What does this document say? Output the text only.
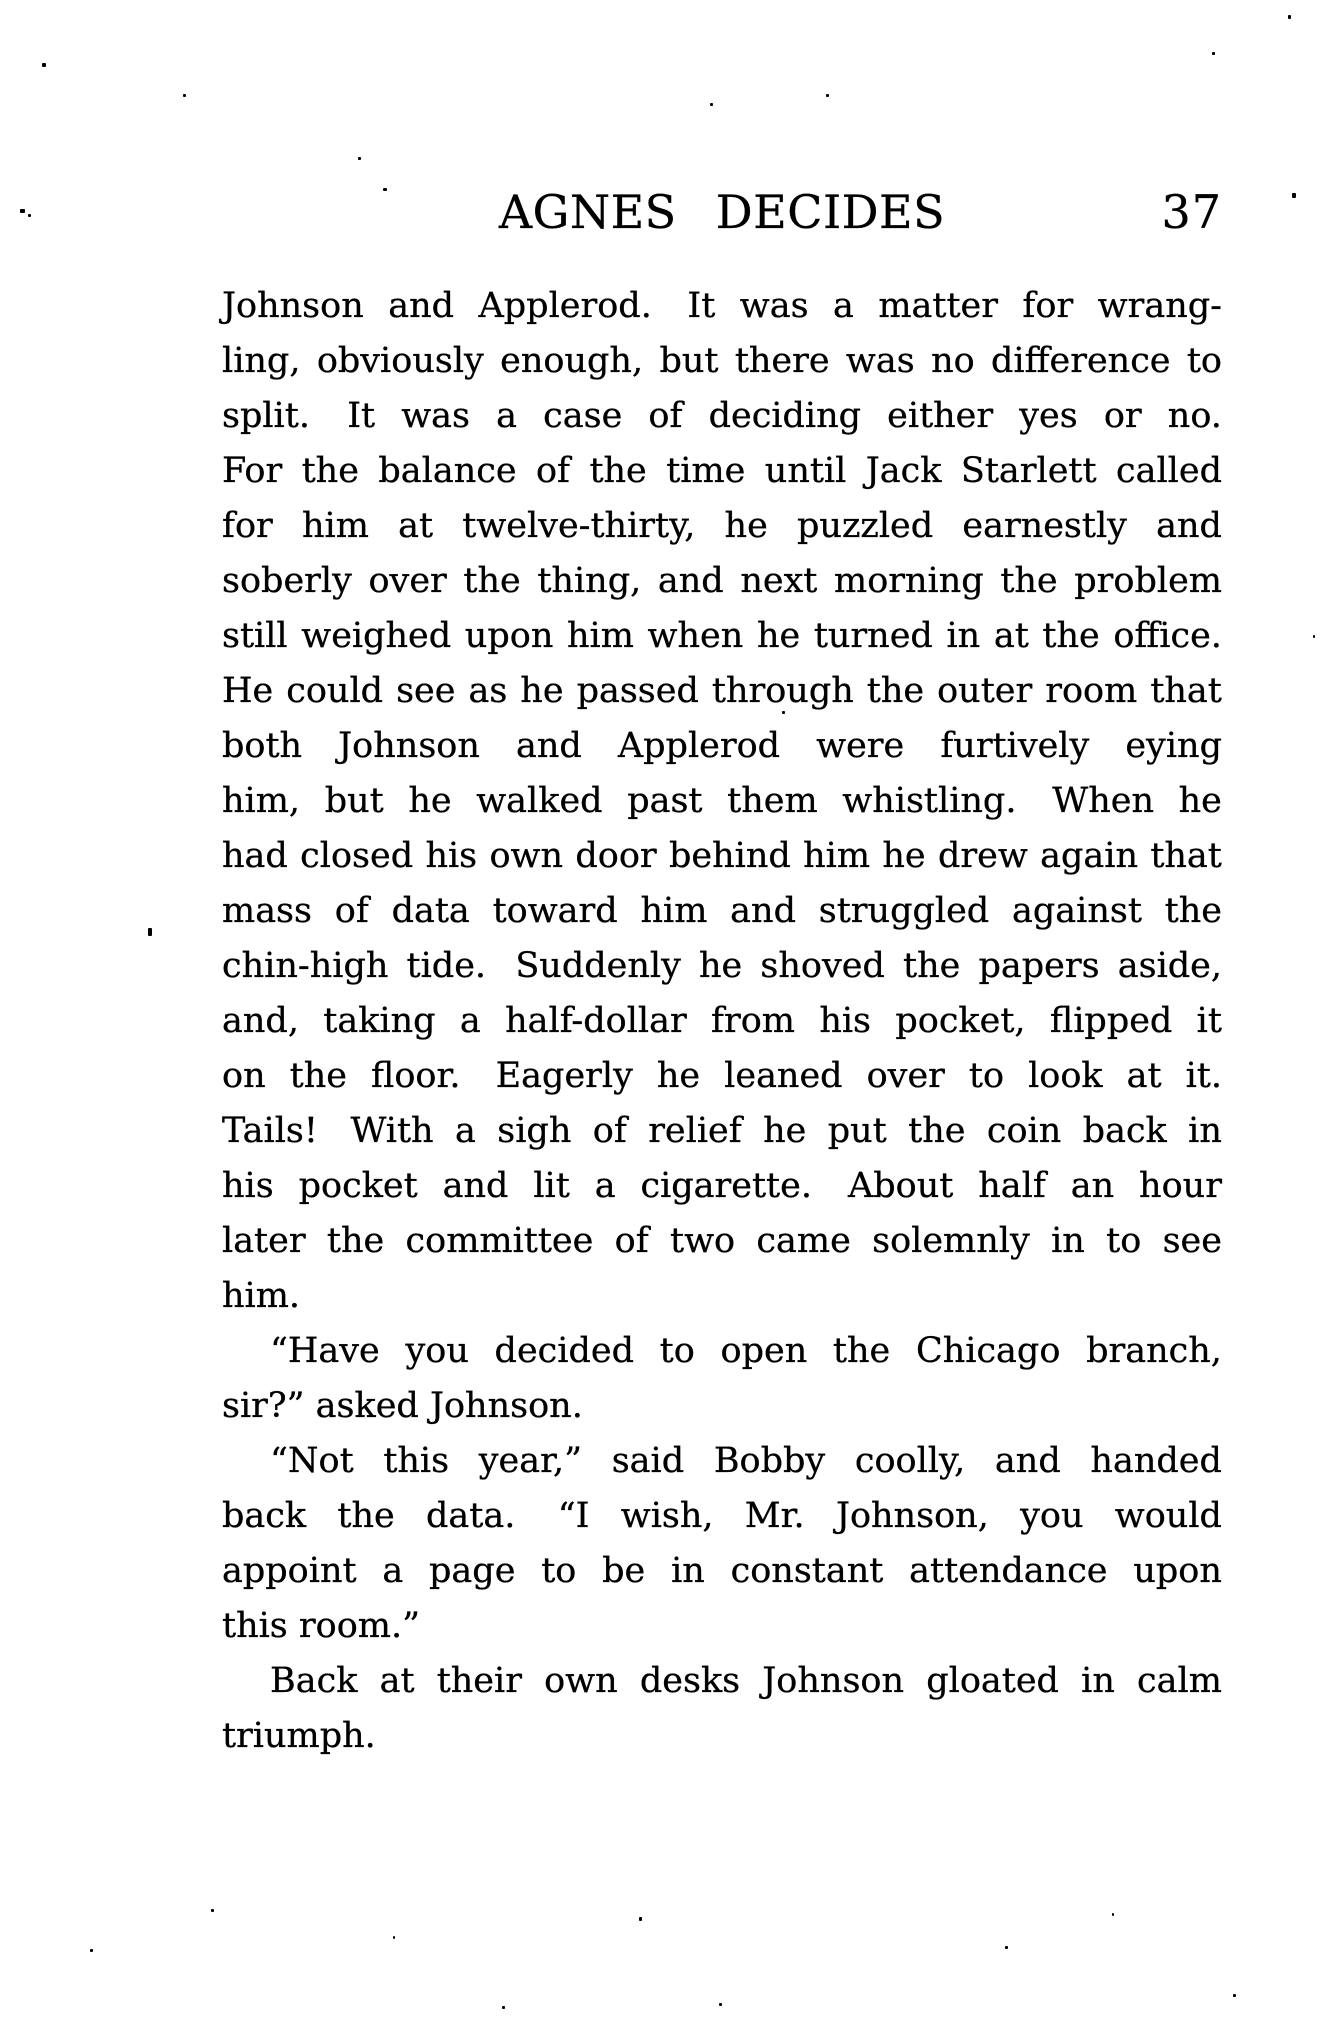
AGNES DECIDES	37
Johnson and Applerod. It was a matter for wrang-
ling, obviously enough, but there was no difference to
split. It was a case of deciding either yes or no.
For the balance of the time until Jack Starlett called
for him at twelve-thirty, he puzzled earnestly and
soberly over the thing, and next morning the problem
still weighed upon him when he turned in at the office.
He could see as he passed through the outer room that
both Johnson and Applerod were furtively eying
him, but he walked past them whistling. When he
had closed his own door behind him he drew again that
mass of data toward him and struggled against the
chin-high tide. Suddenly he shoved the papers aside,
and, taking a half-dollar from his pocket, flipped it
on the floor. Eagerly he leaned over to look at it.
Tails! With a sigh of relief he put the coin back in
his pocket and lit a cigarette. About half an hour
later the committee of two came solemnly in to see
him.
“Have you decided to open the Chicago branch,
sir?” asked Johnson.
“Not this year,” said Bobby coolly, and handed
back the data. “I wish, Mr. Johnson, you would
appoint a page to be in constant attendance upon
this room.”
Back at their own desks Johnson gloated in calm
triumph.
